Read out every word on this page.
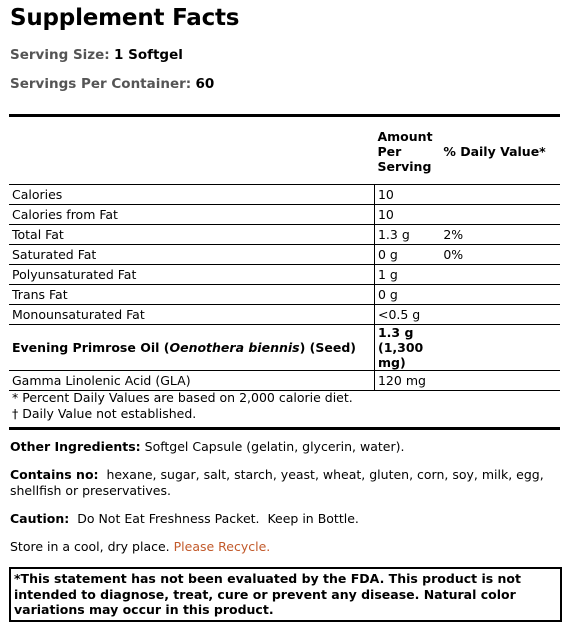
Supplement Facts
Serving Size: 1 Softgel
Servings Per Container: 60

	Amount
Per
Serving	% Daily Value*
Calories	10	
Calories from Fat	10	
Total Fat	1.3 g	2%
Saturated Fat	0 g	0%
Polyunsaturated Fat	1 g	
Trans Fat	0 g	
Monounsaturated Fat	<0.5 g	
Evening Primrose Oil (Oenothera biennis) (Seed)	1.3 g
(1,300
mg)	

Gamma Linolenic Acid (GLA)	120 mg	
* Percent Daily Values are based on 2,000 calorie diet.
† Daily Value not established.
Other Ingredients: Softgel Capsule (gelatin, glycerin, water).
Contains no:  hexane, sugar, salt, starch, yeast, wheat, gluten, corn, soy, milk, egg, shellfish or preservatives.
Caution:  Do Not Eat Freshness Packet.  Keep in Bottle.
Store in a cool, dry place. Please Recycle.
*This statement has not been evaluated by the FDA. This product is not intended to diagnose, treat, cure or prevent any disease. Natural color variations may occur in this product.
